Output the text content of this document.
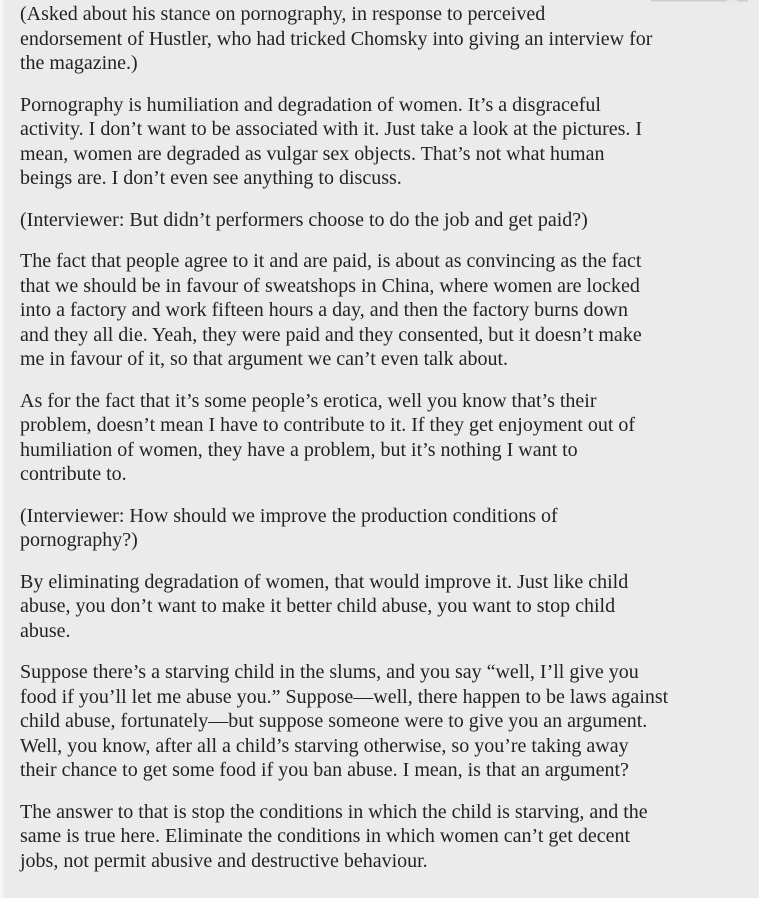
(Asked about his stance on pornography, in response to perceived
endorsement of Hustler, who had tricked Chomsky into giving an interview for
the magazine.)
Pornography is humiliation and degradation of women. It’s a disgraceful
activity. I don’t want to be associated with it. Just take a look at the pictures. I
mean, women are degraded as vulgar sex objects. That’s not what human
beings are. I don’t even see anything to discuss.
(Interviewer: But didn’t performers choose to do the job and get paid?)
The fact that people agree to it and are paid, is about as convincing as the fact
that we should be in favour of sweatshops in China, where women are locked
into a factory and work fifteen hours a day, and then the factory burns down
and they all die. Yeah, they were paid and they consented, but it doesn’t make
me in favour of it, so that argument we can’t even talk about.
As for the fact that it’s some people’s erotica, well you know that’s their
problem, doesn’t mean I have to contribute to it. If they get enjoyment out of
humiliation of women, they have a problem, but it’s nothing I want to
contribute to.
(Interviewer: How should we improve the production conditions of
pornography?)
By eliminating degradation of women, that would improve it. Just like child
abuse, you don’t want to make it better child abuse, you want to stop child
abuse.
Suppose there’s a starving child in the slums, and you say “well, I’ll give you
food if you’ll let me abuse you.” Suppose—well, there happen to be laws against
child abuse, fortunately—but suppose someone were to give you an argument.
Well, you know, after all a child’s starving otherwise, so you’re taking away
their chance to get some food if you ban abuse. I mean, is that an argument?
The answer to that is stop the conditions in which the child is starving, and the
same is true here. Eliminate the conditions in which women can’t get decent
jobs, not permit abusive and destructive behaviour.
